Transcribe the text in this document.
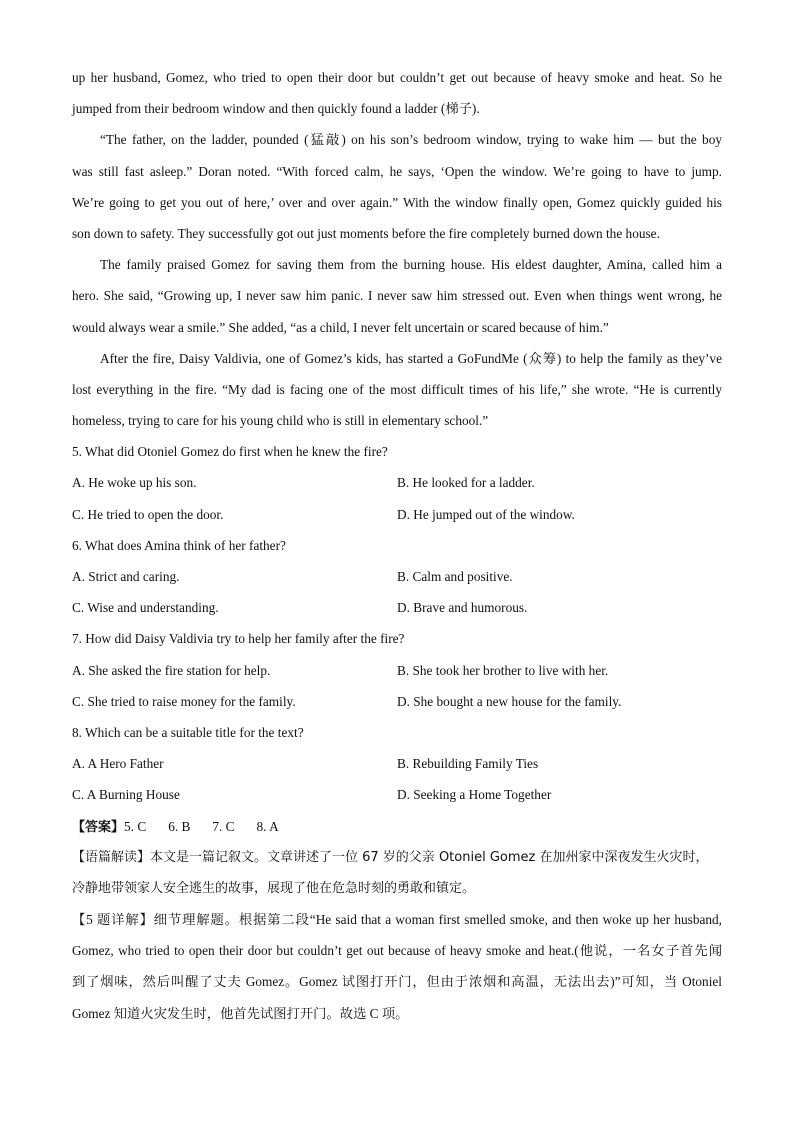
up her husband, Gomez, who tried to open their door but couldn’t get out because of heavy smoke and heat. So he
jumped from their bedroom window and then quickly found a ladder (梯子).
“The father, on the ladder, pounded (猛敲) on his son’s bedroom window, trying to wake him — but the boy
was still fast asleep.” Doran noted. “With forced calm, he says, ‘Open the window. We’re going to have to jump.
We’re going to get you out of here,’ over and over again.” With the window finally open, Gomez quickly guided his
son down to safety. They successfully got out just moments before the fire completely burned down the house.
The family praised Gomez for saving them from the burning house. His eldest daughter, Amina, called him a
hero. She said, “Growing up, I never saw him panic. I never saw him stressed out. Even when things went wrong, he
would always wear a smile.” She added, “as a child, I never felt uncertain or scared because of him.”
After the fire, Daisy Valdivia, one of Gomez’s kids, has started a GoFundMe (众筹) to help the family as they’ve
lost everything in the fire. “My dad is facing one of the most difficult times of his life,” she wrote. “He is currently
homeless, trying to care for his young child who is still in elementary school.”
5. What did Otoniel Gomez do first when he knew the fire?
A. He woke up his son.	B. He looked for a ladder.
C. He tried to open the door.	D. He jumped out of the window.
6. What does Amina think of her father?
A. Strict and caring.	B. Calm and positive.
C. Wise and understanding.	D. Brave and humorous.
7. How did Daisy Valdivia try to help her family after the fire?
A. She asked the fire station for help.	B. She took her brother to live with her.
C. She tried to raise money for the family.	D. She bought a new house for the family.
8. Which can be a suitable title for the text?
A. A Hero Father	B. Rebuilding Family Ties
C. A Burning House	D. Seeking a Home Together
【答案】5. C 6. B 7. C 8. A
【语篇解读】本文是一篇记叙文。文章讲述了一位 67 岁的父亲 Otoniel Gomez 在加州家中深夜发生火灾时，
冷静地带领家人安全逃生的故事，展现了他在危急时刻的勇敢和镇定。
【5 题详解】细节理解题。根据第二段“He said that a woman first smelled smoke, and then woke up her husband,
Gomez, who tried to open their door but couldn’t get out because of heavy smoke and heat.(他说，一名女子首先闻
到了烟味，然后叫醒了丈夫 Gomez。Gomez 试图打开门，但由于浓烟和高温，无法出去)”可知，当 Otoniel
Gomez 知道火灾发生时，他首先试图打开门。故选 C 项。
